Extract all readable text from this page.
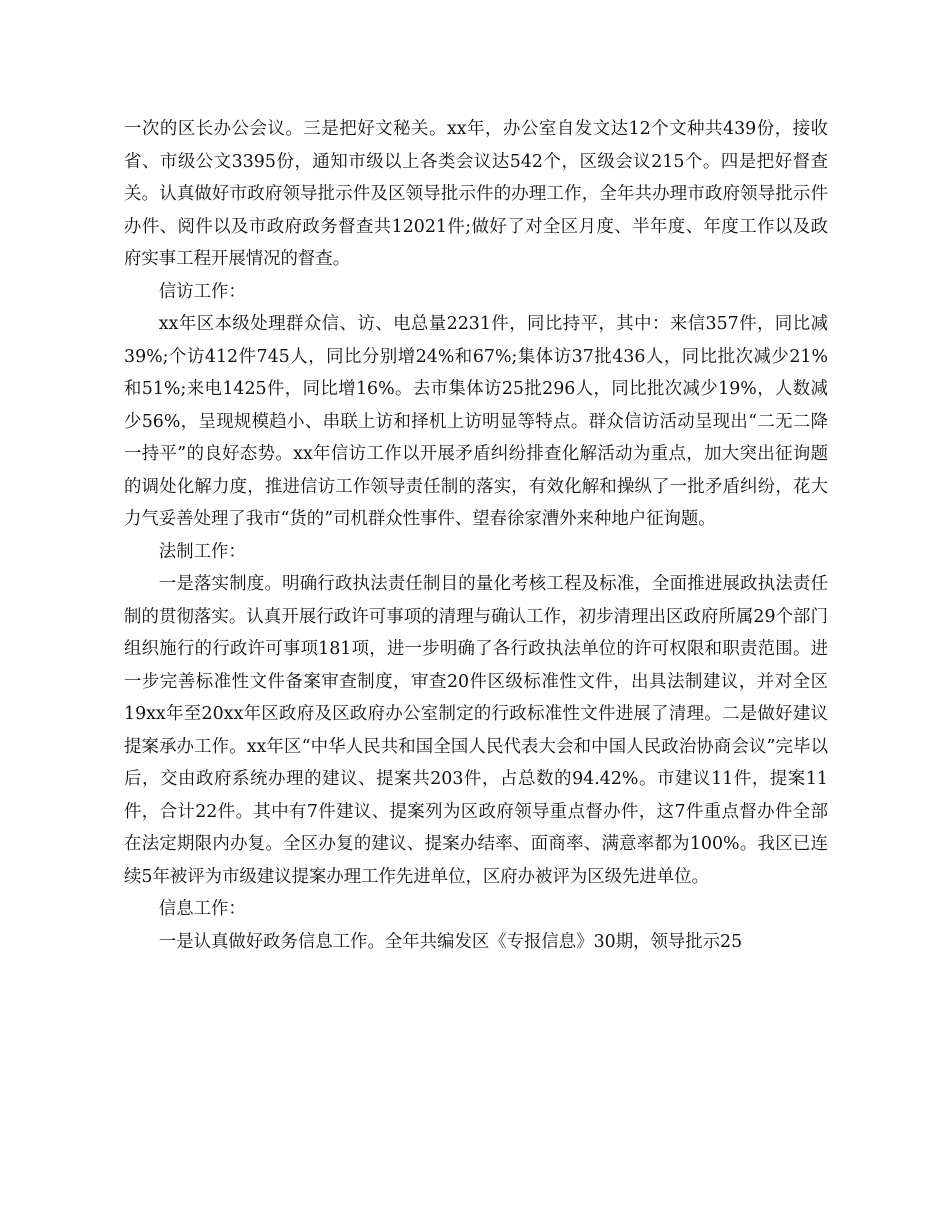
一次的区长办公会议。三是把好文秘关。xx年，办公室自发文达12个文种共439份，接收省、市级公文3395份，通知市级以上各类会议达542个，区级会议215个。四是把好督查关。认真做好市政府领导批示件及区领导批示件的办理工作，全年共办理市政府领导批示件办件、阅件以及市政府政务督查共12021件;做好了对全区月度、半年度、年度工作以及政府实事工程开展情况的督查。

信访工作：

xx年区本级处理群众信、访、电总量2231件，同比持平，其中：来信357件，同比减39%;个访412件745人，同比分别增24%和67%;集体访37批436人，同比批次减少21%和51%;来电1425件，同比增16%。去市集体访25批296人，同比批次减少19%，人数减少56%，呈现规模趋小、串联上访和择机上访明显等特点。群众信访活动呈现出“二无二降一持平”的良好态势。xx年信访工作以开展矛盾纠纷排查化解活动为重点，加大突出征询题的调处化解力度，推进信访工作领导责任制的落实，有效化解和操纵了一批矛盾纠纷，花大力气妥善处理了我市“货的”司机群众性事件、望春徐家漕外来种地户征询题。

法制工作：

一是落实制度。明确行政执法责任制目的量化考核工程及标准，全面推进展政执法责任制的贯彻落实。认真开展行政许可事项的清理与确认工作，初步清理出区政府所属29个部门组织施行的行政许可事项181项，进一步明确了各行政执法单位的许可权限和职责范围。进一步完善标准性文件备案审查制度，审查20件区级标准性文件，出具法制建议，并对全区19xx年至20xx年区政府及区政府办公室制定的行政标准性文件进展了清理。二是做好建议提案承办工作。xx年区“中华人民共和国全国人民代表大会和中国人民政治协商会议”完毕以后，交由政府系统办理的建议、提案共203件，占总数的94.42%。市建议11件，提案11件，合计22件。其中有7件建议、提案列为区政府领导重点督办件，这7件重点督办件全部在法定期限内办复。全区办复的建议、提案办结率、面商率、满意率都为100%。我区已连续5年被评为市级建议提案办理工作先进单位，区府办被评为区级先进单位。

信息工作：

一是认真做好政务信息工作。全年共编发区《专报信息》30期，领导批示25
